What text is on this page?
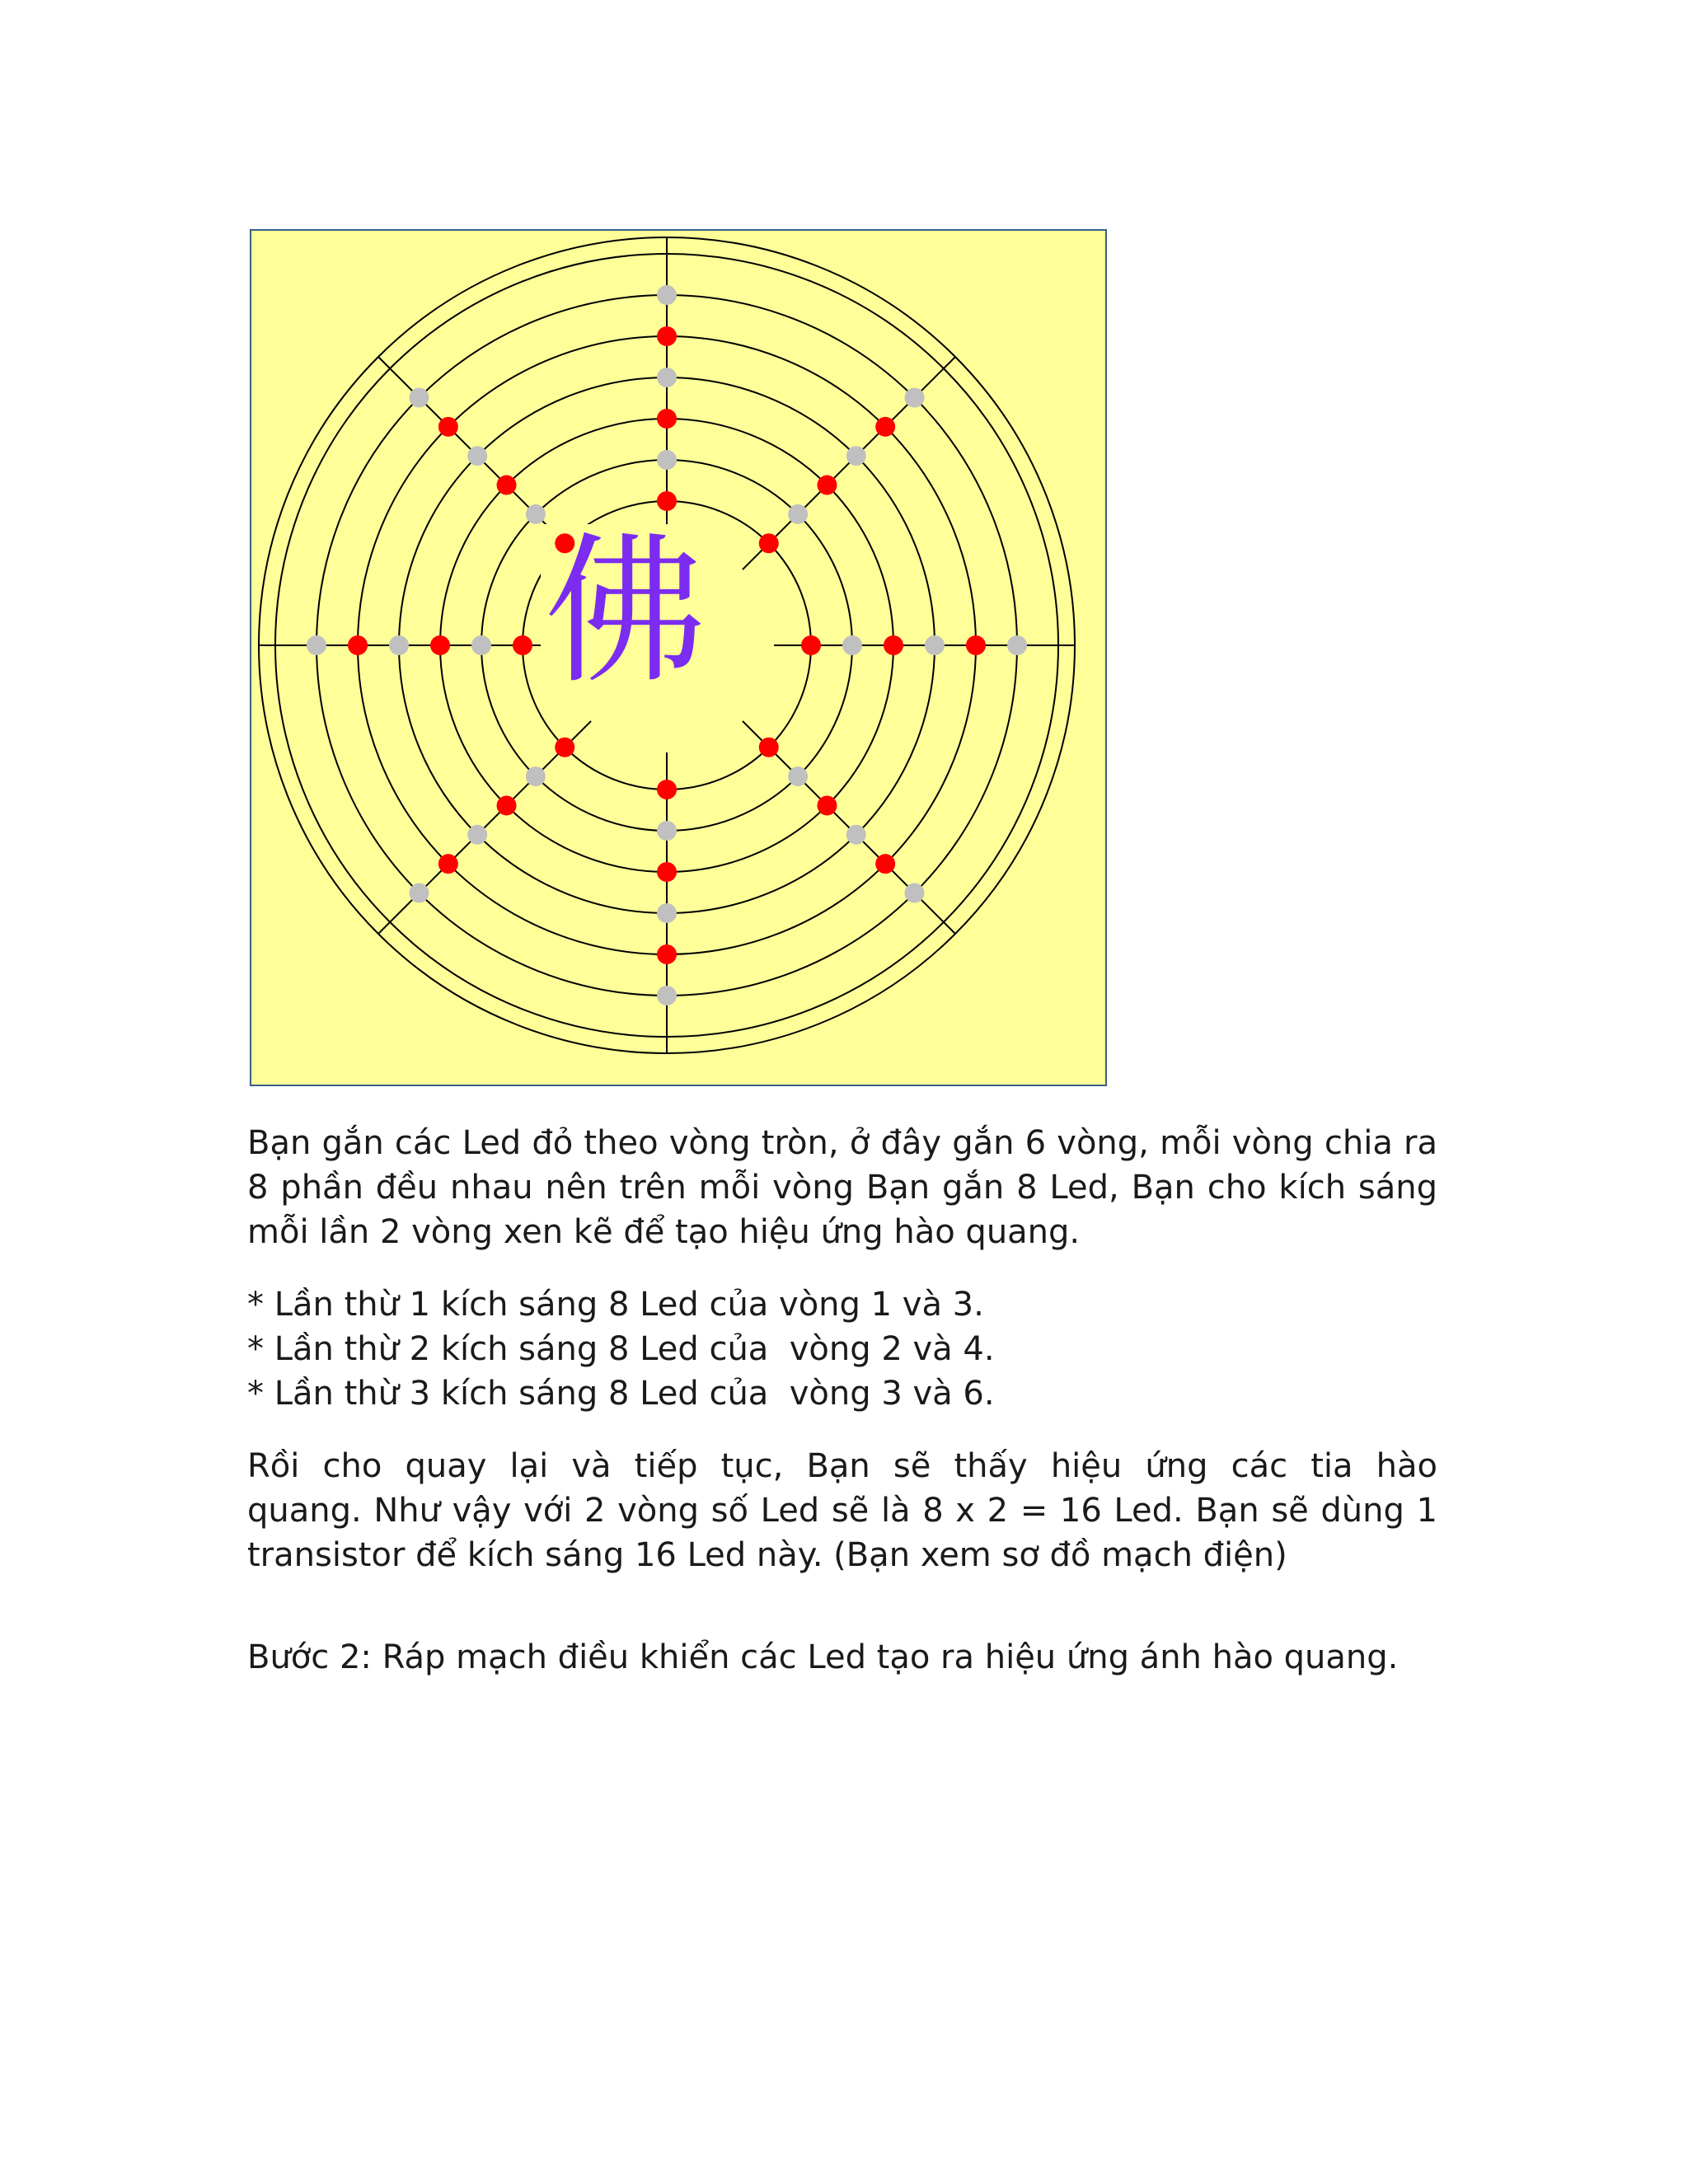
佛

Bạn gắn các Led đỏ theo vòng tròn, ở đây gắn 6 vòng, mỗi vòng chia ra
8 phần đều nhau nên trên mỗi vòng Bạn gắn 8 Led, Bạn cho kích sáng
mỗi lần 2 vòng xen kẽ để tạo hiệu ứng hào quang.

* Lần thừ 1 kích sáng 8 Led của vòng 1 và 3.

* Lần thừ 2 kích sáng 8 Led của  vòng 2 và 4.

* Lần thừ 3 kích sáng 8 Led của  vòng 3 và 6.

Rồi cho quay lại và tiếp tục, Bạn sẽ thấy hiệu ứng các tia hào
quang. Như vậy với 2 vòng số Led sẽ là 8 x 2 = 16 Led. Bạn sẽ dùng 1
transistor để kích sáng 16 Led này. (Bạn xem sơ đồ mạch điện)

Bước 2: Ráp mạch điều khiển các Led tạo ra hiệu ứng ánh hào quang.
